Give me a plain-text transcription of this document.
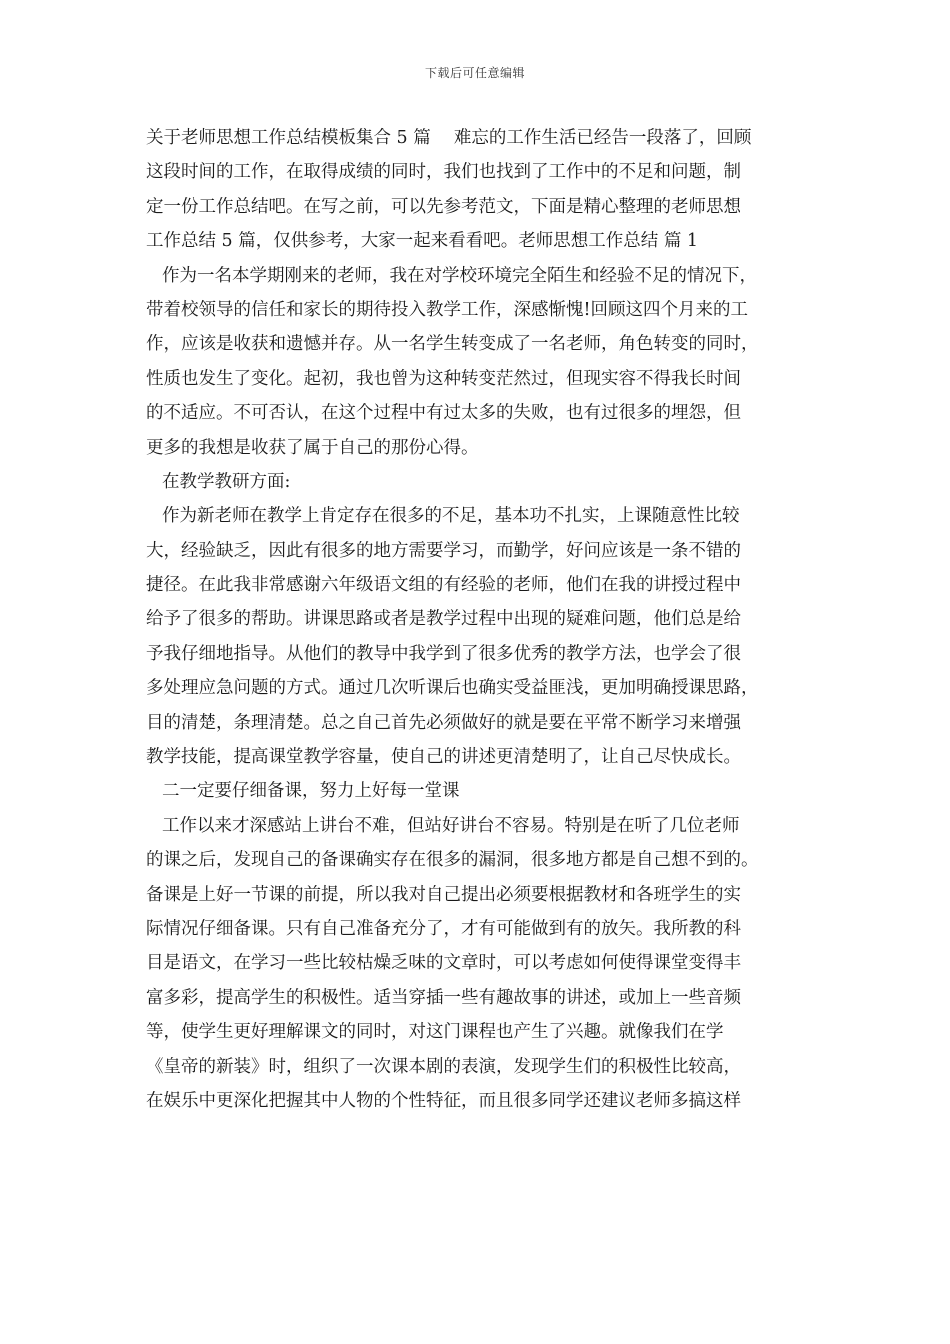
下载后可任意编辑
关于老师思想工作总结模板集合 5 篇　 难忘的工作生活已经告一段落了，回顾
这段时间的工作，在取得成绩的同时，我们也找到了工作中的不足和问题，制
定一份工作总结吧。在写之前，可以先参考范文，下面是精心整理的老师思想
工作总结 5 篇，仅供参考，大家一起来看看吧。老师思想工作总结 篇 1
作为一名本学期刚来的老师，我在对学校环境完全陌生和经验不足的情况下，
带着校领导的信任和家长的期待投入教学工作，深感惭愧!回顾这四个月来的工
作，应该是收获和遗憾并存。从一名学生转变成了一名老师，角色转变的同时，
性质也发生了变化。起初，我也曾为这种转变茫然过，但现实容不得我长时间
的不适应。不可否认，在这个过程中有过太多的失败，也有过很多的埋怨，但
更多的我想是收获了属于自己的那份心得。
在教学教研方面:
作为新老师在教学上肯定存在很多的不足，基本功不扎实，上课随意性比较
大，经验缺乏，因此有很多的地方需要学习，而勤学，好问应该是一条不错的
捷径。在此我非常感谢六年级语文组的有经验的老师，他们在我的讲授过程中
给予了很多的帮助。讲课思路或者是教学过程中出现的疑难问题，他们总是给
予我仔细地指导。从他们的教导中我学到了很多优秀的教学方法，也学会了很
多处理应急问题的方式。通过几次听课后也确实受益匪浅，更加明确授课思路，
目的清楚，条理清楚。总之自己首先必须做好的就是要在平常不断学习来增强
教学技能，提高课堂教学容量，使自己的讲述更清楚明了，让自己尽快成长。
二一定要仔细备课，努力上好每一堂课
工作以来才深感站上讲台不难，但站好讲台不容易。特别是在听了几位老师
的课之后，发现自己的备课确实存在很多的漏洞，很多地方都是自己想不到的。
备课是上好一节课的前提，所以我对自己提出必须要根据教材和各班学生的实
际情况仔细备课。只有自己准备充分了，才有可能做到有的放矢。我所教的科
目是语文，在学习一些比较枯燥乏味的文章时，可以考虑如何使得课堂变得丰
富多彩，提高学生的积极性。适当穿插一些有趣故事的讲述，或加上一些音频
等，使学生更好理解课文的同时，对这门课程也产生了兴趣。就像我们在学
《皇帝的新装》时，组织了一次课本剧的表演，发现学生们的积极性比较高，
在娱乐中更深化把握其中人物的个性特征，而且很多同学还建议老师多搞这样
